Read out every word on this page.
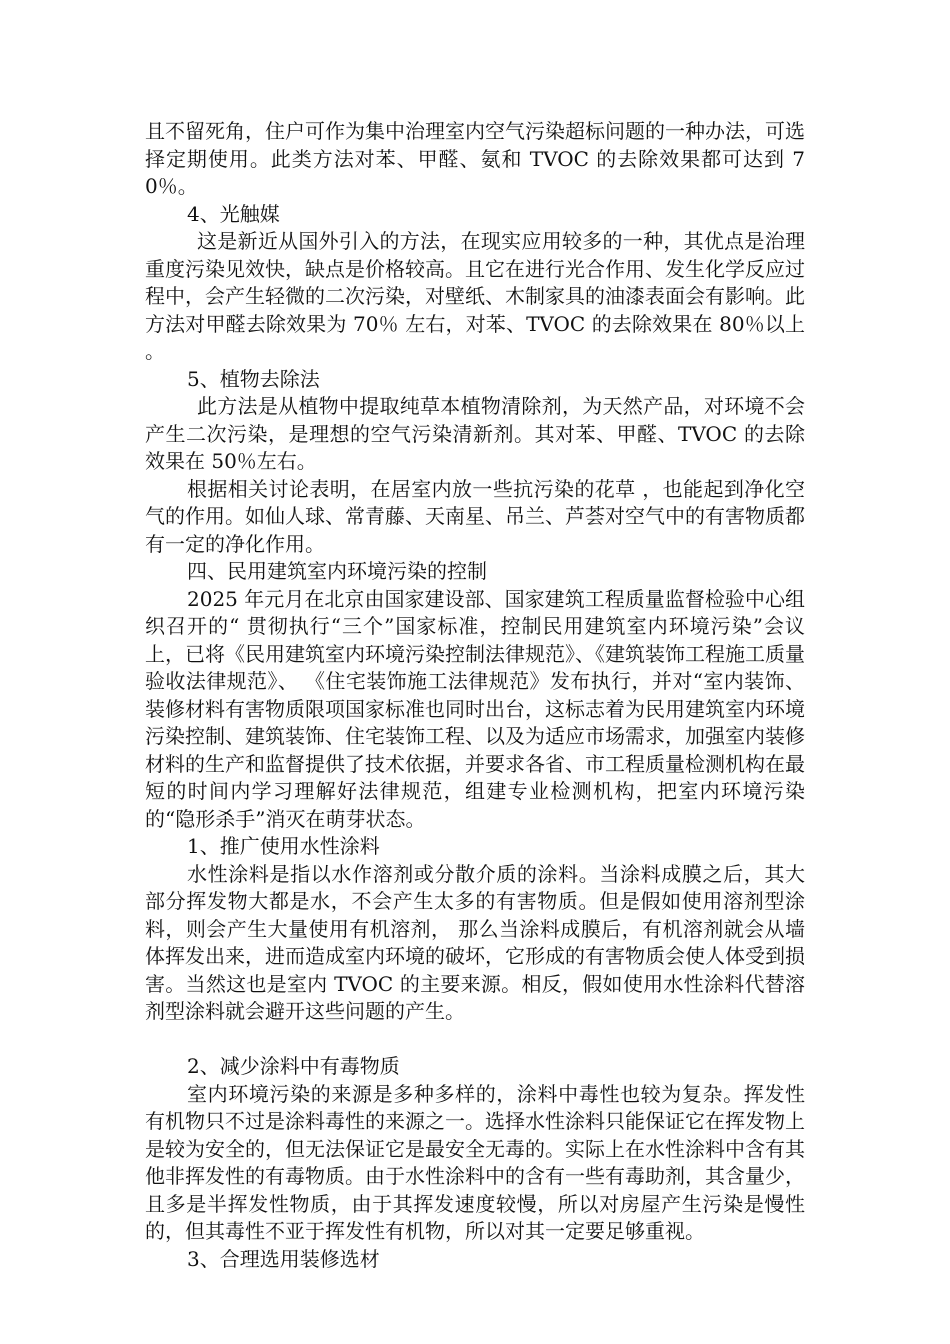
且不留死角，住户可作为集中治理室内空气污染超标问题的一种办法，可选择定期使用。此类方法对苯、甲醛、氨和 TVOC 的去除效果都可达到 70％。

4、光触媒

这是新近从国外引入的方法，在现实应用较多的一种，其优点是治理重度污染见效快，缺点是价格较高。且它在进行光合作用、发生化学反应过程中，会产生轻微的二次污染，对壁纸、木制家具的油漆表面会有影响。此方法对甲醛去除效果为 70％ 左右，对苯、TVOC 的去除效果在 80％以上 。

5、植物去除法

此方法是从植物中提取纯草本植物清除剂，为天然产品，对环境不会产生二次污染，是理想的空气污染清新剂。其对苯、甲醛、TVOC 的去除效果在 50％左右。

根据相关讨论表明，在居室内放一些抗污染的花草 ，也能起到净化空气的作用。如仙人球、常青藤、天南星、吊兰、芦荟对空气中的有害物质都有一定的净化作用。

四、民用建筑室内环境污染的控制

2025 年元月在北京由国家建设部、国家建筑工程质量监督检验中心组织召开的“ 贯彻执行“三个”国家标准，控制民用建筑室内环境污染”会议上，已将《民用建筑室内环境污染控制法律规范》、《建筑装饰工程施工质量验收法律规范》、 《住宅装饰施工法律规范》发布执行，并对“室内装饰、装修材料有害物质限项国家标准也同时出台，这标志着为民用建筑室内环境污染控制、建筑装饰、住宅装饰工程、以及为适应市场需求，加强室内装修材料的生产和监督提供了技术依据，并要求各省、市工程质量检测机构在最短的时间内学习理解好法律规范，组建专业检测机构，把室内环境污染的“隐形杀手”消灭在萌芽状态。

1、推广使用水性涂料

水性涂料是指以水作溶剂或分散介质的涂料。当涂料成膜之后，其大部分挥发物大都是水，不会产生太多的有害物质。但是假如使用溶剂型涂料，则会产生大量使用有机溶剂， 那么当涂料成膜后，有机溶剂就会从墙体挥发出来，进而造成室内环境的破坏，它形成的有害物质会使人体受到损害。当然这也是室内 TVOC 的主要来源。相反，假如使用水性涂料代替溶剂型涂料就会避开这些问题的产生。

2、减少涂料中有毒物质

室内环境污染的来源是多种多样的，涂料中毒性也较为复杂。挥发性有机物只不过是涂料毒性的来源之一。选择水性涂料只能保证它在挥发物上是较为安全的，但无法保证它是最安全无毒的。实际上在水性涂料中含有其他非挥发性的有毒物质。由于水性涂料中的含有一些有毒助剂，其含量少，且多是半挥发性物质，由于其挥发速度较慢，所以对房屋产生污染是慢性的，但其毒性不亚于挥发性有机物，所以对其一定要足够重视。

3、合理选用装修选材
